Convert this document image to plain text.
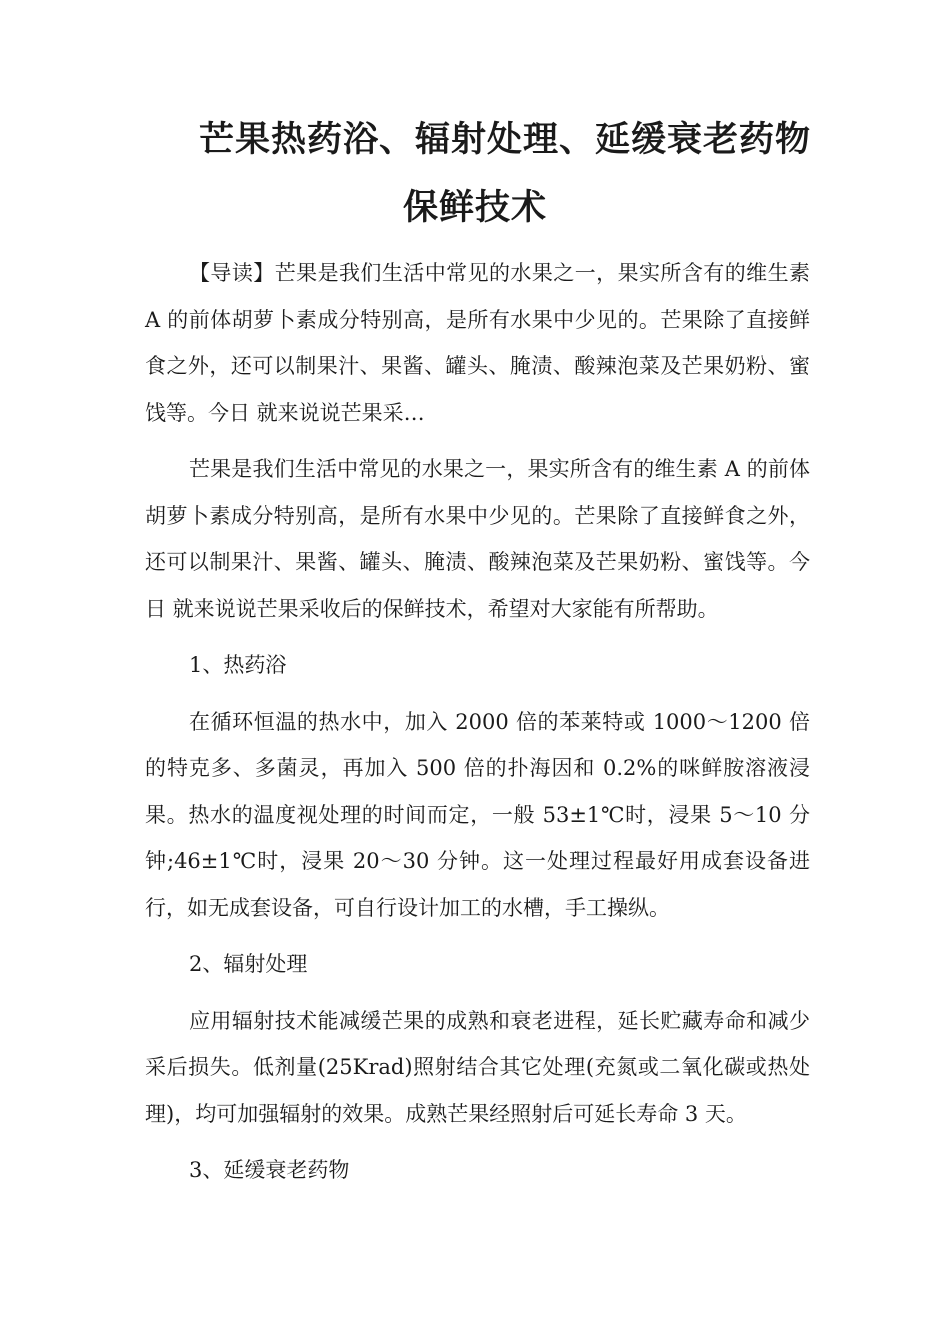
芒果热药浴、辐射处理、延缓衰老药物
保鲜技术

【导读】芒果是我们生活中常见的水果之一，果实所含有的维生素 A 的前体胡萝卜素成分特别高，是所有水果中少见的。芒果除了直接鲜食之外，还可以制果汁、果酱、罐头、腌渍、酸辣泡菜及芒果奶粉、蜜饯等。今日 就来说说芒果采…

芒果是我们生活中常见的水果之一，果实所含有的维生素 A 的前体胡萝卜素成分特别高，是所有水果中少见的。芒果除了直接鲜食之外，还可以制果汁、果酱、罐头、腌渍、酸辣泡菜及芒果奶粉、蜜饯等。今日 就来说说芒果采收后的保鲜技术，希望对大家能有所帮助。

1、热药浴

在循环恒温的热水中，加入 2000 倍的苯莱特或 1000～1200 倍的特克多、多菌灵，再加入 500 倍的扑海因和 0.2%的咪鲜胺溶液浸果。热水的温度视处理的时间而定，一般 53±1℃时，浸果 5～10 分钟;46±1℃时，浸果 20～30 分钟。这一处理过程最好用成套设备进行，如无成套设备，可自行设计加工的水槽，手工操纵。

2、辐射处理

应用辐射技术能减缓芒果的成熟和衰老进程，延长贮藏寿命和减少采后损失。低剂量(25Krad)照射结合其它处理(充氮或二氧化碳或热处理)，均可加强辐射的效果。成熟芒果经照射后可延长寿命 3 天。

3、延缓衰老药物
